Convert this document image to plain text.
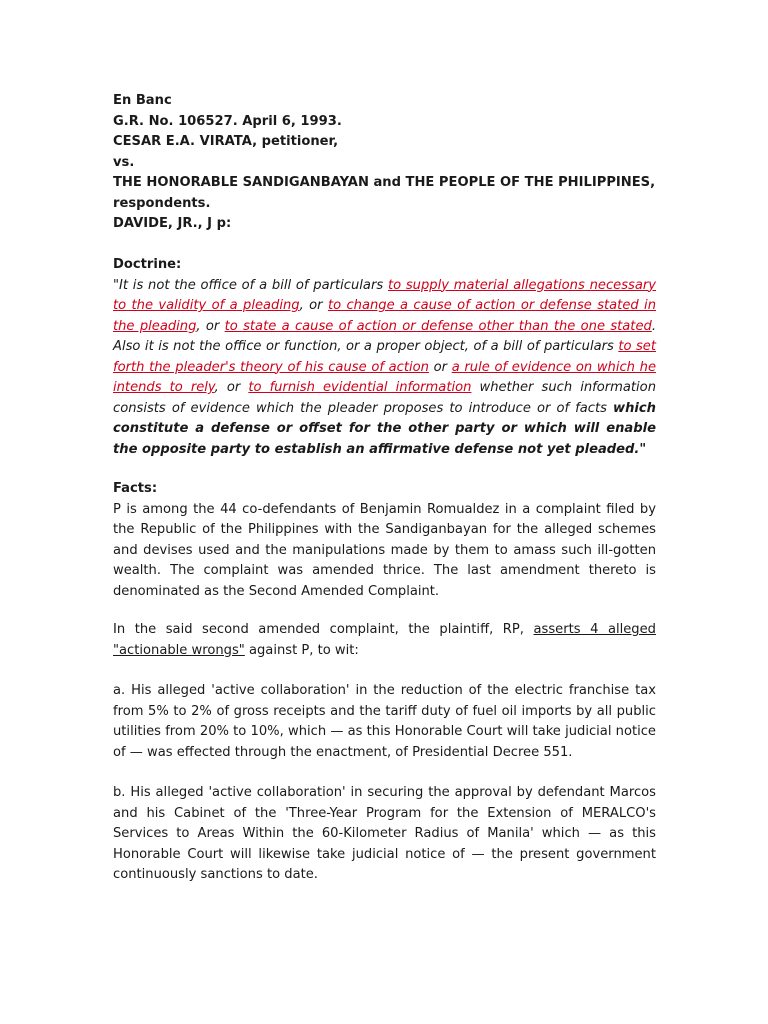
En Banc
G.R. No. 106527. April 6, 1993.
CESAR E.A. VIRATA, petitioner,
vs.
THE HONORABLE SANDIGANBAYAN and THE PEOPLE OF THE PHILIPPINES,
respondents.
DAVIDE, JR., J p:
Doctrine:
"It is not the office of a bill of particulars to supply material allegations necessary to the validity of a pleading, or to change a cause of action or defense stated in the pleading, or to state a cause of action or defense other than the one stated. Also it is not the office or function, or a proper object, of a bill of particulars to set forth the pleader's theory of his cause of action or a rule of evidence on which he intends to rely, or to furnish evidential information whether such information consists of evidence which the pleader proposes to introduce or of facts which constitute a defense or offset for the other party or which will enable the opposite party to establish an affirmative defense not yet pleaded."
Facts:
P is among the 44 co-defendants of Benjamin Romualdez in a complaint filed by the Republic of the Philippines with the Sandiganbayan for the alleged schemes and devises used and the manipulations made by them to amass such ill-gotten wealth. The complaint was amended thrice. The last amendment thereto is denominated as the Second Amended Complaint.
In the said second amended complaint, the plaintiff, RP, asserts 4 alleged "actionable wrongs" against P, to wit:
a. His alleged 'active collaboration' in the reduction of the electric franchise tax from 5% to 2% of gross receipts and the tariff duty of fuel oil imports by all public utilities from 20% to 10%, which — as this Honorable Court will take judicial notice of — was effected through the enactment, of Presidential Decree 551.
b. His alleged 'active collaboration' in securing the approval by defendant Marcos and his Cabinet of the 'Three-Year Program for the Extension of MERALCO's Services to Areas Within the 60-Kilometer Radius of Manila' which — as this Honorable Court will likewise take judicial notice of — the present government continuously sanctions to date.
